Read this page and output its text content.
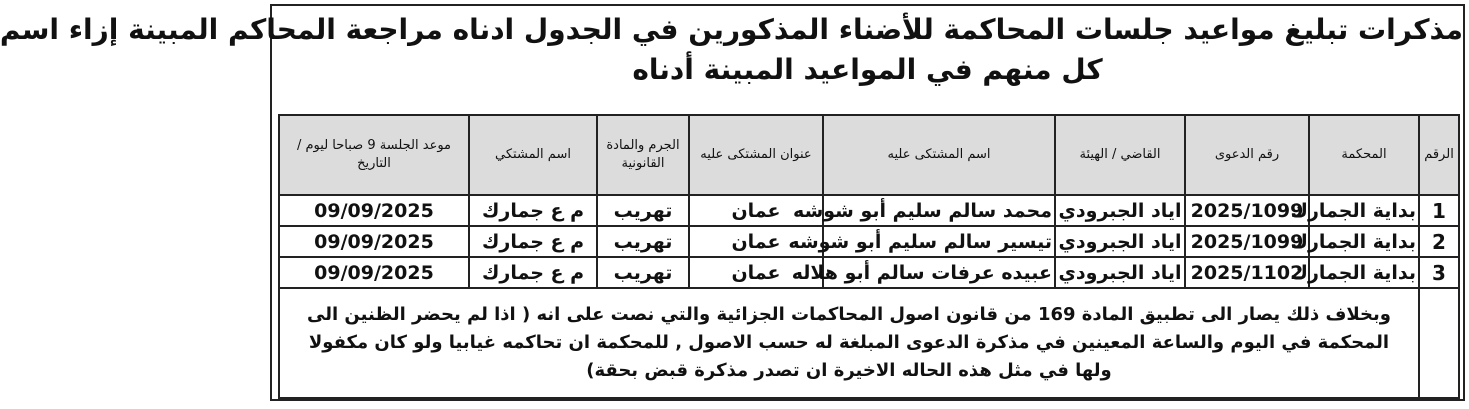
مذكرات تبليغ مواعيد جلسات المحاكمة للأضناء المذكورين في الجدول ادناه مراجعة المحاكم المبينة إزاء اسم
كل منهم في المواعيد المبينة أدناه
الرقم	المحكمة	رقم الدعوى	القاضي / الهيئة	اسم المشتكى عليه	عنوان المشتكى عليه	الجرم والمادة القانونية	اسم المشتكي	موعد الجلسة 9 صباحا ليوم / التاريخ
1	بداية الجمارك	2025/1099	اياد الجبرودي	محمد سالم سليم أبو شوشه	عمان	تهريب	م ع جمارك	09/09/2025
2	بداية الجمارك	2025/1099	اياد الجبرودي	تيسير سالم سليم أبو شوشه	عمان	تهريب	م ع جمارك	09/09/2025
3	بداية الجمارك	2025/1102	اياد الجبرودي	عبيده عرفات سالم أبو هلاله	عمان	تهريب	م ع جمارك	09/09/2025
	وبخلاف ذلك يصار الى تطبيق المادة 169 من قانون اصول المحاكمات الجزائية والتي نصت على انه ( اذا لم يحضر الظنين الى المحكمة في اليوم والساعة المعينين في مذكرة الدعوى المبلغة له حسب الاصول , للمحكمة ان تحاكمه غيابيا ولو كان مكفولا ولها في مثل هذه الحاله الاخيرة ان تصدر مذكرة قبض بحقة)							
